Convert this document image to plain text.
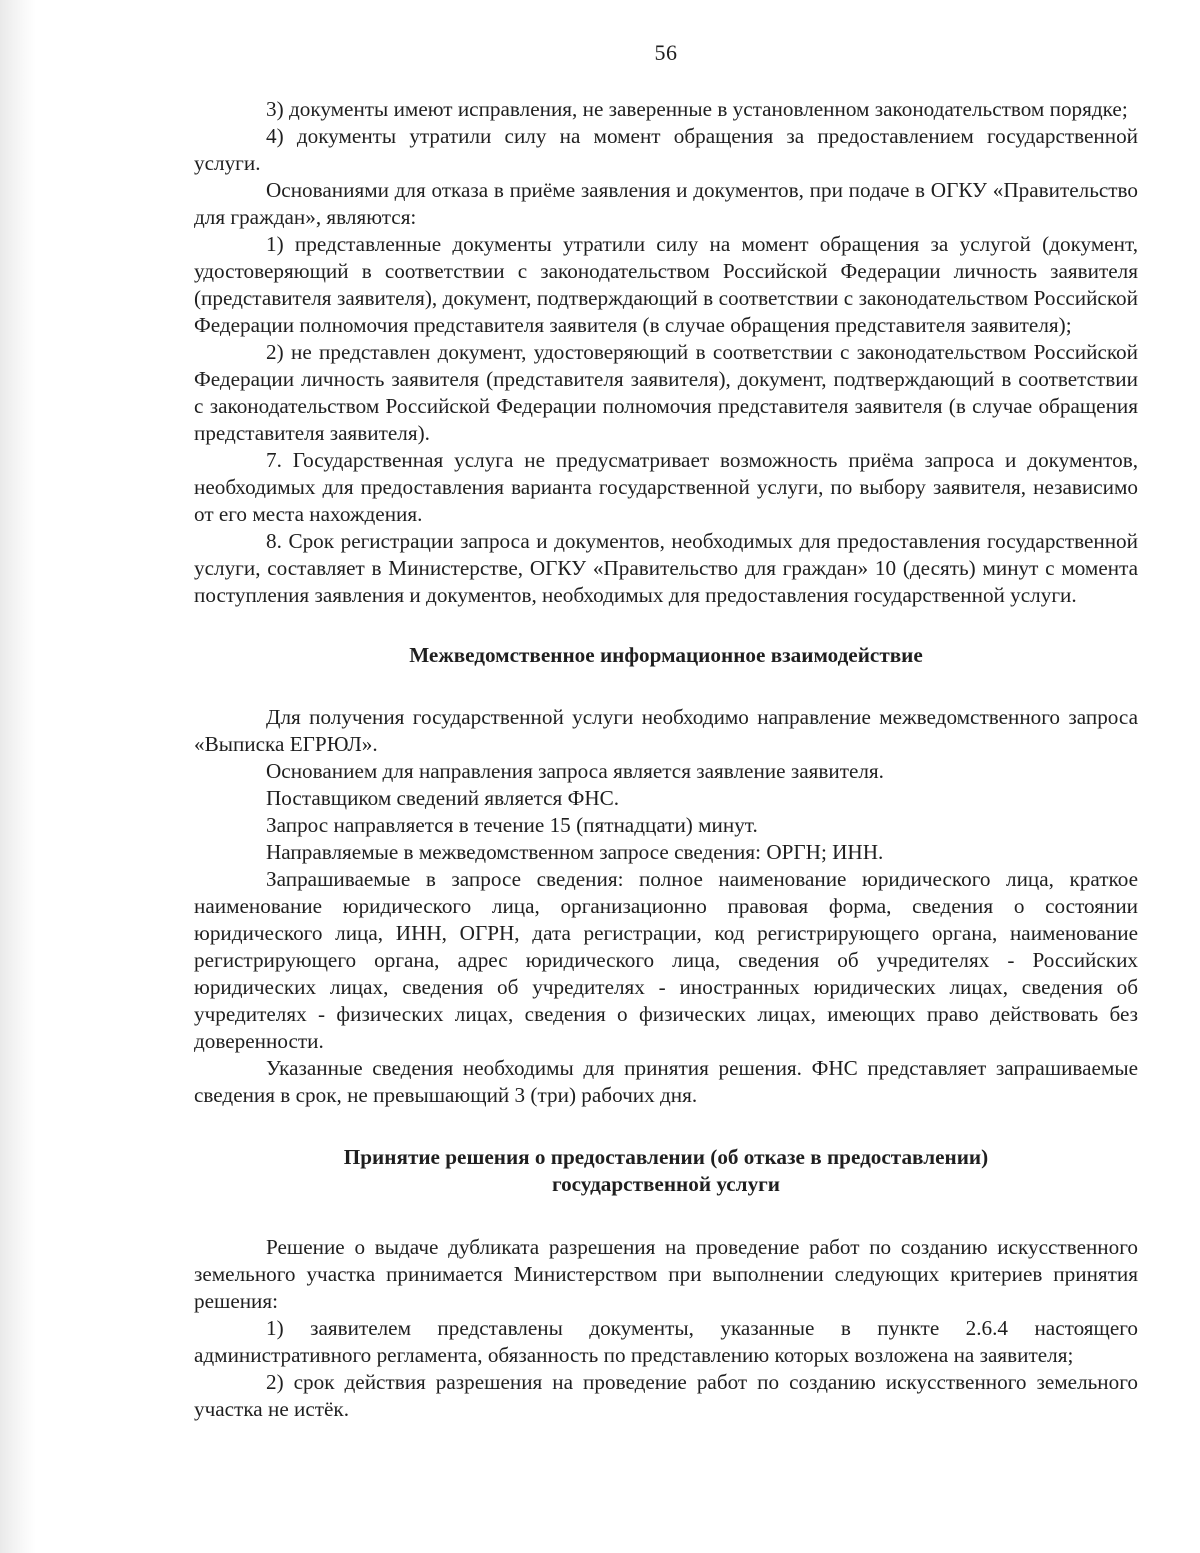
56

3) документы имеют исправления, не заверенные в установленном законодательством порядке;

4) документы утратили силу на момент обращения за предоставлением государственной услуги.

Основаниями для отказа в приёме заявления и документов, при подаче в ОГКУ «Правительство для граждан», являются:

1) представленные документы утратили силу на момент обращения за услугой (документ, удостоверяющий в соответствии с законодательством Российской Федерации личность заявителя (представителя заявителя), документ, подтверждающий в соответствии с законодательством Российской Федерации полномочия представителя заявителя (в случае обращения представителя заявителя);

2) не представлен документ, удостоверяющий в соответствии с законодательством Российской Федерации личность заявителя (представителя заявителя), документ, подтверждающий в соответствии с законодательством Российской Федерации полномочия представителя заявителя (в случае обращения представителя заявителя).

7. Государственная услуга не предусматривает возможность приёма запроса и документов, необходимых для предоставления варианта государственной услуги, по выбору заявителя, независимо от его места нахождения.

8. Срок регистрации запроса и документов, необходимых для предоставления государственной услуги, составляет в Министерстве, ОГКУ «Правительство для граждан» 10 (десять) минут с момента поступления заявления и документов, необходимых для предоставления государственной услуги.

Межведомственное информационное взаимодействие

Для получения государственной услуги необходимо направление межведомственного запроса «Выписка ЕГРЮЛ».

Основанием для направления запроса является заявление заявителя.

Поставщиком сведений является ФНС.

Запрос направляется в течение 15 (пятнадцати) минут.

Направляемые в межведомственном запросе сведения: ОРГН; ИНН.

Запрашиваемые в запросе сведения: полное наименование юридического лица, краткое наименование юридического лица, организационно правовая форма, сведения о состоянии юридического лица, ИНН, ОГРН, дата регистрации, код регистрирующего органа, наименование регистрирующего органа, адрес юридического лица, сведения об учредителях - Российских юридических лицах, сведения об учредителях - иностранных юридических лицах, сведения об учредителях - физических лицах, сведения о физических лицах, имеющих право действовать без доверенности.

Указанные сведения необходимы для принятия решения. ФНС представляет запрашиваемые сведения в срок, не превышающий 3 (три) рабочих дня.

Принятие решения о предоставлении (об отказе в предоставлении)
государственной услуги

Решение о выдаче дубликата разрешения на проведение работ по созданию искусственного земельного участка принимается Министерством при выполнении следующих критериев принятия решения:

1) заявителем представлены документы, указанные в пункте 2.6.4 настоящего административного регламента, обязанность по представлению которых возложена на заявителя;

2) срок действия разрешения на проведение работ по созданию искусственного земельного участка не истёк.
